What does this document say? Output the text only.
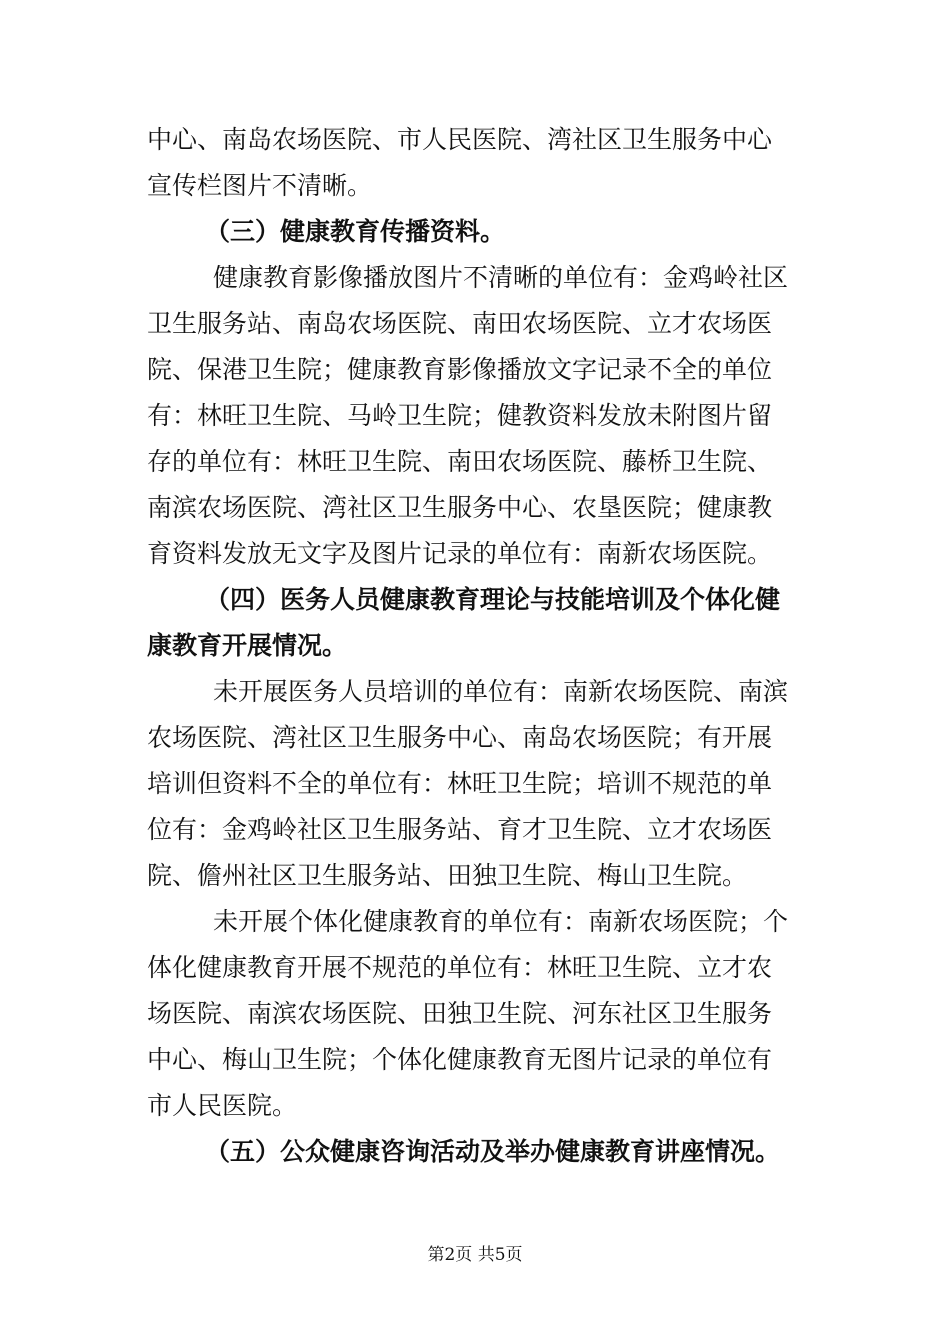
中心、南岛农场医院、市人民医院、湾社区卫生服务中心
宣传栏图片不清晰。
（三）健康教育传播资料。
健康教育影像播放图片不清晰的单位有：金鸡岭社区
卫生服务站、南岛农场医院、南田农场医院、立才农场医
院、保港卫生院；健康教育影像播放文字记录不全的单位
有：林旺卫生院、马岭卫生院；健教资料发放未附图片留
存的单位有：林旺卫生院、南田农场医院、藤桥卫生院、
南滨农场医院、湾社区卫生服务中心、农垦医院；健康教
育资料发放无文字及图片记录的单位有：南新农场医院。
（四）医务人员健康教育理论与技能培训及个体化健
康教育开展情况。
未开展医务人员培训的单位有：南新农场医院、南滨
农场医院、湾社区卫生服务中心、南岛农场医院；有开展
培训但资料不全的单位有：林旺卫生院；培训不规范的单
位有：金鸡岭社区卫生服务站、育才卫生院、立才农场医
院、儋州社区卫生服务站、田独卫生院、梅山卫生院。
未开展个体化健康教育的单位有：南新农场医院；个
体化健康教育开展不规范的单位有：林旺卫生院、立才农
场医院、南滨农场医院、田独卫生院、河东社区卫生服务
中心、梅山卫生院；个体化健康教育无图片记录的单位有
市人民医院。
（五）公众健康咨询活动及举办健康教育讲座情况。
第2页 共5页
